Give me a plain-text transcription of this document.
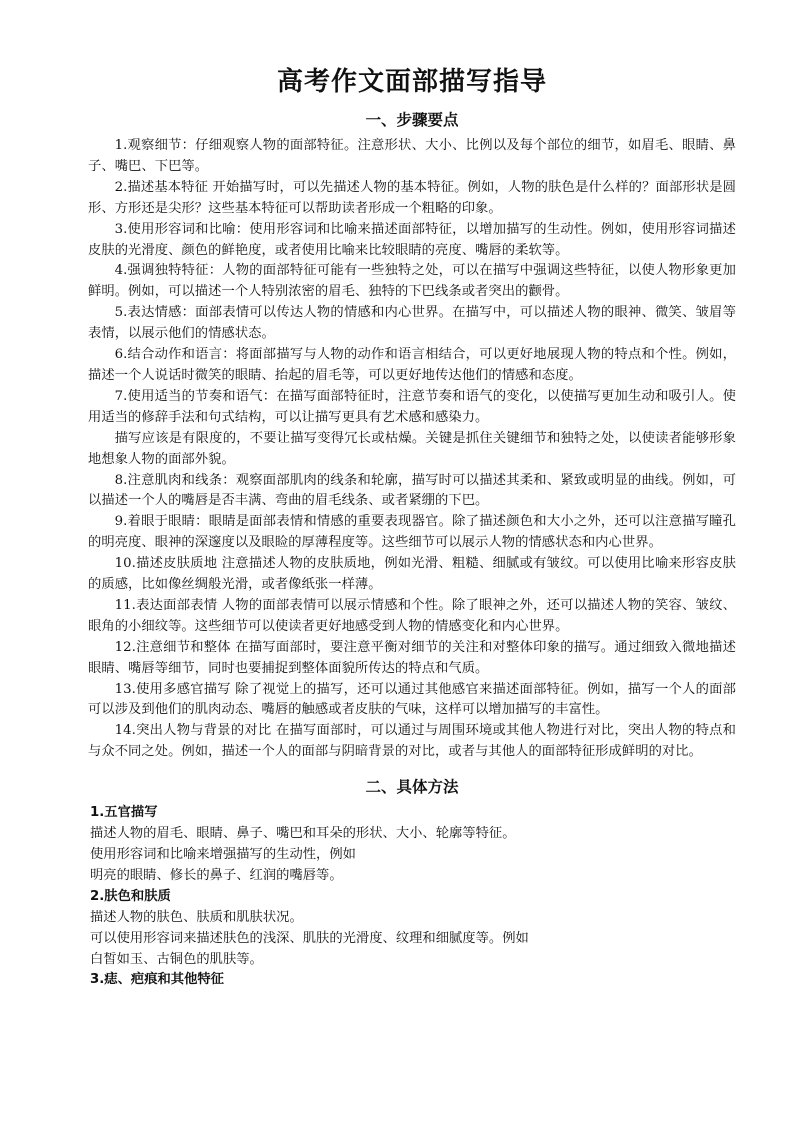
高考作文面部描写指导
一、步骤要点

1.观察细节：仔细观察人物的面部特征。注意形状、大小、比例以及每个部位的细节，如眉毛、眼睛、鼻子、嘴巴、下巴等。

2.描述基本特征 开始描写时，可以先描述人物的基本特征。例如，人物的肤色是什么样的？面部形状是圆形、方形还是尖形？这些基本特征可以帮助读者形成一个粗略的印象。

3.使用形容词和比喻：使用形容词和比喻来描述面部特征，以增加描写的生动性。例如，使用形容词描述皮肤的光滑度、颜色的鲜艳度，或者使用比喻来比较眼睛的亮度、嘴唇的柔软等。

4.强调独特特征：人物的面部特征可能有一些独特之处，可以在描写中强调这些特征，以使人物形象更加鲜明。例如，可以描述一个人特别浓密的眉毛、独特的下巴线条或者突出的颧骨。

5.表达情感：面部表情可以传达人物的情感和内心世界。在描写中，可以描述人物的眼神、微笑、皱眉等表情，以展示他们的情感状态。

6.结合动作和语言：将面部描写与人物的动作和语言相结合，可以更好地展现人物的特点和个性。例如，描述一个人说话时微笑的眼睛、抬起的眉毛等，可以更好地传达他们的情感和态度。

7.使用适当的节奏和语气：在描写面部特征时，注意节奏和语气的变化，以使描写更加生动和吸引人。使用适当的修辞手法和句式结构，可以让描写更具有艺术感和感染力。

描写应该是有限度的，不要让描写变得冗长或枯燥。关键是抓住关键细节和独特之处，以使读者能够形象地想象人物的面部外貌。

8.注意肌肉和线条：观察面部肌肉的线条和轮廓，描写时可以描述其柔和、紧致或明显的曲线。例如，可以描述一个人的嘴唇是否丰满、弯曲的眉毛线条、或者紧绷的下巴。

9.着眼于眼睛：眼睛是面部表情和情感的重要表现器官。除了描述颜色和大小之外，还可以注意描写瞳孔的明亮度、眼神的深邃度以及眼睑的厚薄程度等。这些细节可以展示人物的情感状态和内心世界。

10.描述皮肤质地 注意描述人物的皮肤质地，例如光滑、粗糙、细腻或有皱纹。可以使用比喻来形容皮肤的质感，比如像丝绸般光滑，或者像纸张一样薄。

11.表达面部表情 人物的面部表情可以展示情感和个性。除了眼神之外，还可以描述人物的笑容、皱纹、眼角的小细纹等。这些细节可以使读者更好地感受到人物的情感变化和内心世界。

12.注意细节和整体 在描写面部时，要注意平衡对细节的关注和对整体印象的描写。通过细致入微地描述眼睛、嘴唇等细节，同时也要捕捉到整体面貌所传达的特点和气质。

13.使用多感官描写 除了视觉上的描写，还可以通过其他感官来描述面部特征。例如，描写一个人的面部可以涉及到他们的肌肉动态、嘴唇的触感或者皮肤的气味，这样可以增加描写的丰富性。

14.突出人物与背景的对比 在描写面部时，可以通过与周围环境或其他人物进行对比，突出人物的特点和与众不同之处。例如，描述一个人的面部与阴暗背景的对比，或者与其他人的面部特征形成鲜明的对比。

二、具体方法

1.五官描写

描述人物的眉毛、眼睛、鼻子、嘴巴和耳朵的形状、大小、轮廓等特征。

使用形容词和比喻来增强描写的生动性，例如

明亮的眼睛、修长的鼻子、红润的嘴唇等。

2.肤色和肤质

描述人物的肤色、肤质和肌肤状况。

可以使用形容词来描述肤色的浅深、肌肤的光滑度、纹理和细腻度等。例如

白皙如玉、古铜色的肌肤等。

3.痣、疤痕和其他特征
